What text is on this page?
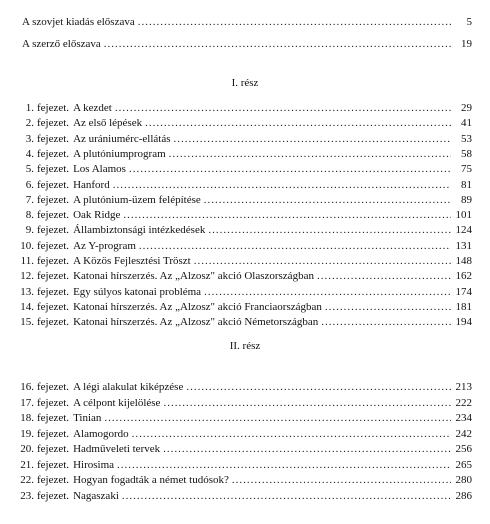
A szovjet kiadás előszava .....	5
A szerző előszava .....	19
I. rész
1. fejezet. A kezdet .....	29
2. fejezet. Az első lépések .....	41
3. fejezet. Az urániumérc-ellátás .....	53
4. fejezet. A plutóniumprogram .....	58
5. fejezet. Los Alamos .....	75
6. fejezet. Hanford .....	81
7. fejezet. A plutónium-üzem felépítése .....	89
8. fejezet. Oak Ridge .....	101
9. fejezet. Állambiztonsági intézkedések .....	124
10. fejezet. Az Y-program .....	131
11. fejezet. A Közös Fejlesztési Tröszt .....	148
12. fejezet. Katonai hírszerzés. Az „Alzosz" akció Olaszországban .....	162
13. fejezet. Egy súlyos katonai probléma .....	174
14. fejezet. Katonai hírszerzés. Az „Alzosz" akció Franciaországban .....	181
15. fejezet. Katonai hírszerzés. Az „Alzosz" akció Németországban .....	194
II. rész
16. fejezet. A légi alakulat kiképzése .....	213
17. fejezet. A célpont kijelölése .....	222
18. fejezet. Tinian .....	234
19. fejezet. Alamogordo .....	242
20. fejezet. Hadműveleti tervek .....	256
21. fejezet. Hirosima .....	265
22. fejezet. Hogyan fogadták a német tudósok? .....	280
23. fejezet. Nagaszaki .....	286
